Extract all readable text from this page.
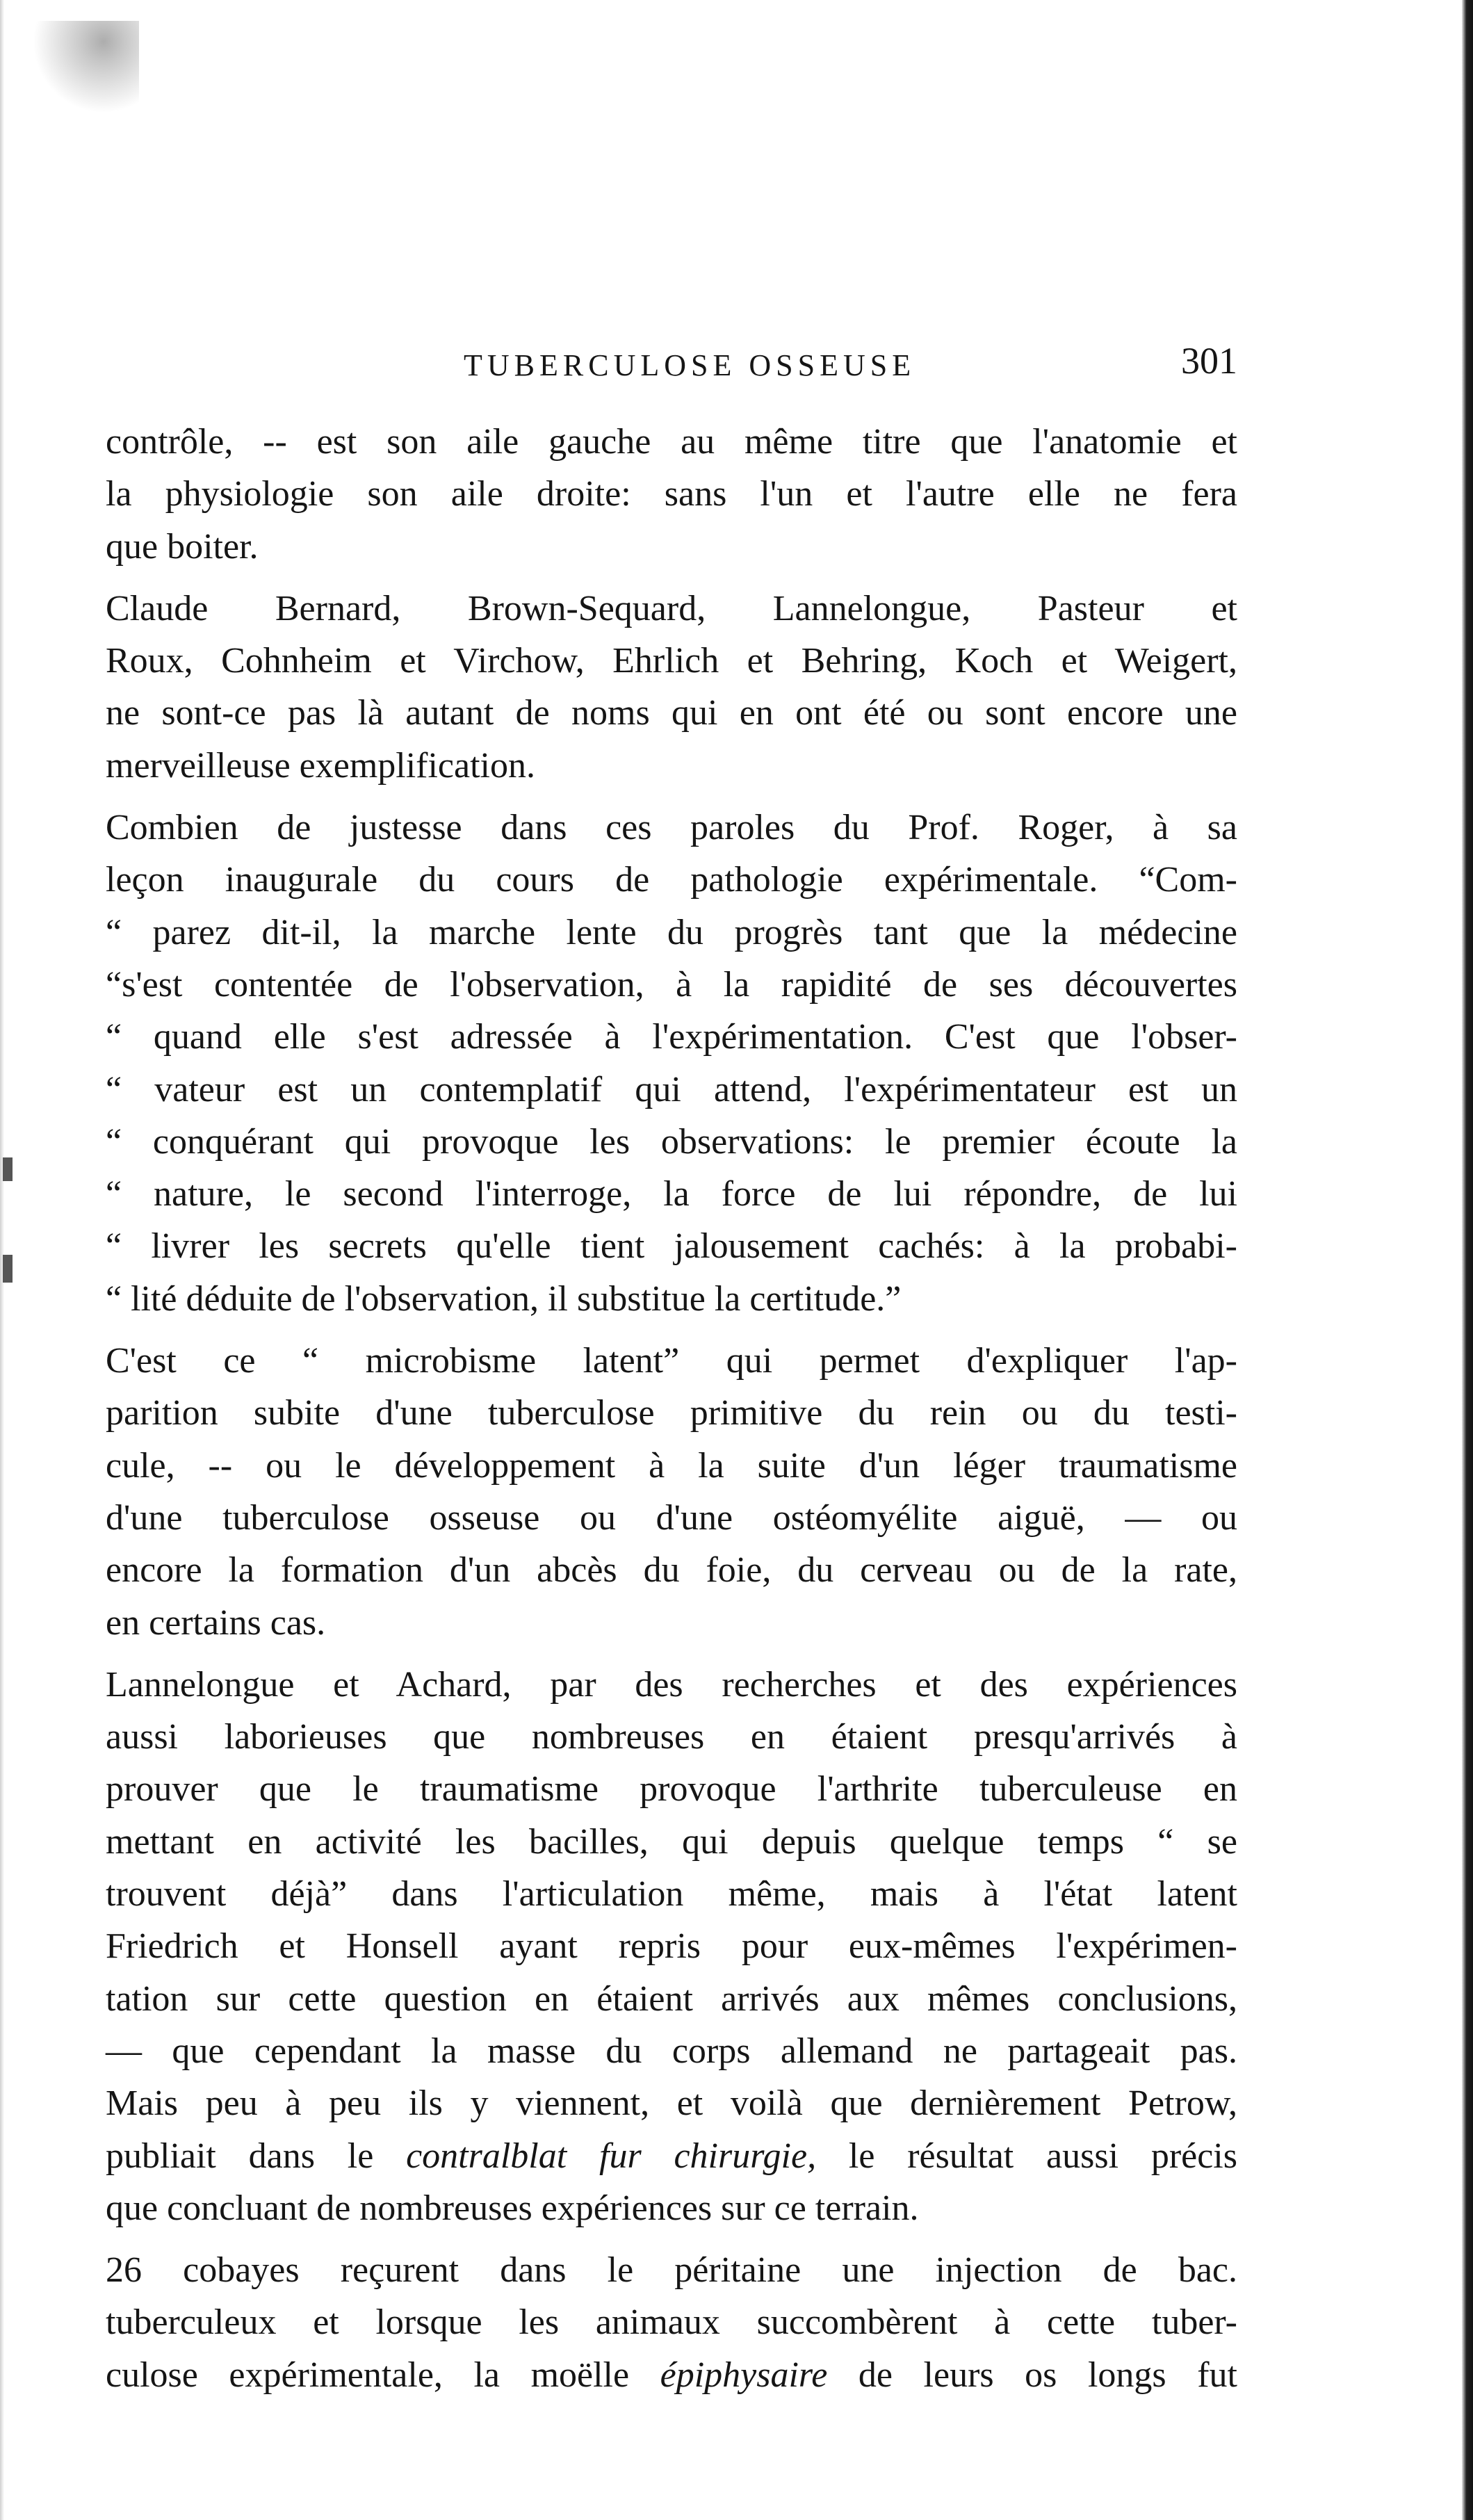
TUBERCULOSE OSSEUSE	301
contrôle, -- est son aile gauche au même titre que l'anatomie et
la physiologie son aile droite: sans l'un et l'autre elle ne fera
que boiter.
Claude Bernard, Brown-Sequard, Lannelongue, Pasteur et
Roux, Cohnheim et Virchow, Ehrlich et Behring, Koch et Weigert,
ne sont-ce pas là autant de noms qui en ont été ou sont encore une
merveilleuse exemplification.
Combien de justesse dans ces paroles du Prof. Roger, à sa
leçon inaugurale du cours de pathologie expérimentale. “Com-
“ parez dit-il, la marche lente du progrès tant que la médecine
“s'est contentée de l'observation, à la rapidité de ses découvertes
“ quand elle s'est adressée à l'expérimentation. C'est que l'obser-
“ vateur est un contemplatif qui attend, l'expérimentateur est un
“ conquérant qui provoque les observations: le premier écoute la
“ nature, le second l'interroge, la force de lui répondre, de lui
“ livrer les secrets qu'elle tient jalousement cachés: à la probabi-
“ lité déduite de l'observation, il substitue la certitude.”
C'est ce “ microbisme latent” qui permet d'expliquer l'ap-
parition subite d'une tuberculose primitive du rein ou du testi-
cule, -- ou le développement à la suite d'un léger traumatisme
d'une tuberculose osseuse ou d'une ostéomyélite aiguë, — ou
encore la formation d'un abcès du foie, du cerveau ou de la rate,
en certains cas.
Lannelongue et Achard, par des recherches et des expériences
aussi laborieuses que nombreuses en étaient presqu'arrivés à
prouver que le traumatisme provoque l'arthrite tuberculeuse en
mettant en activité les bacilles, qui depuis quelque temps “ se
trouvent déjà” dans l'articulation même, mais à l'état latent
Friedrich et Honsell ayant repris pour eux-mêmes l'expérimen-
tation sur cette question en étaient arrivés aux mêmes conclusions,
— que cependant la masse du corps allemand ne partageait pas.
Mais peu à peu ils y viennent, et voilà que dernièrement Petrow,
publiait dans le contralblat fur chirurgie, le résultat aussi précis
que concluant de nombreuses expériences sur ce terrain.
26 cobayes reçurent dans le péritaine une injection de bac.
tuberculeux et lorsque les animaux succombèrent à cette tuber-
culose expérimentale, la moëlle épiphysaire de leurs os longs fut
